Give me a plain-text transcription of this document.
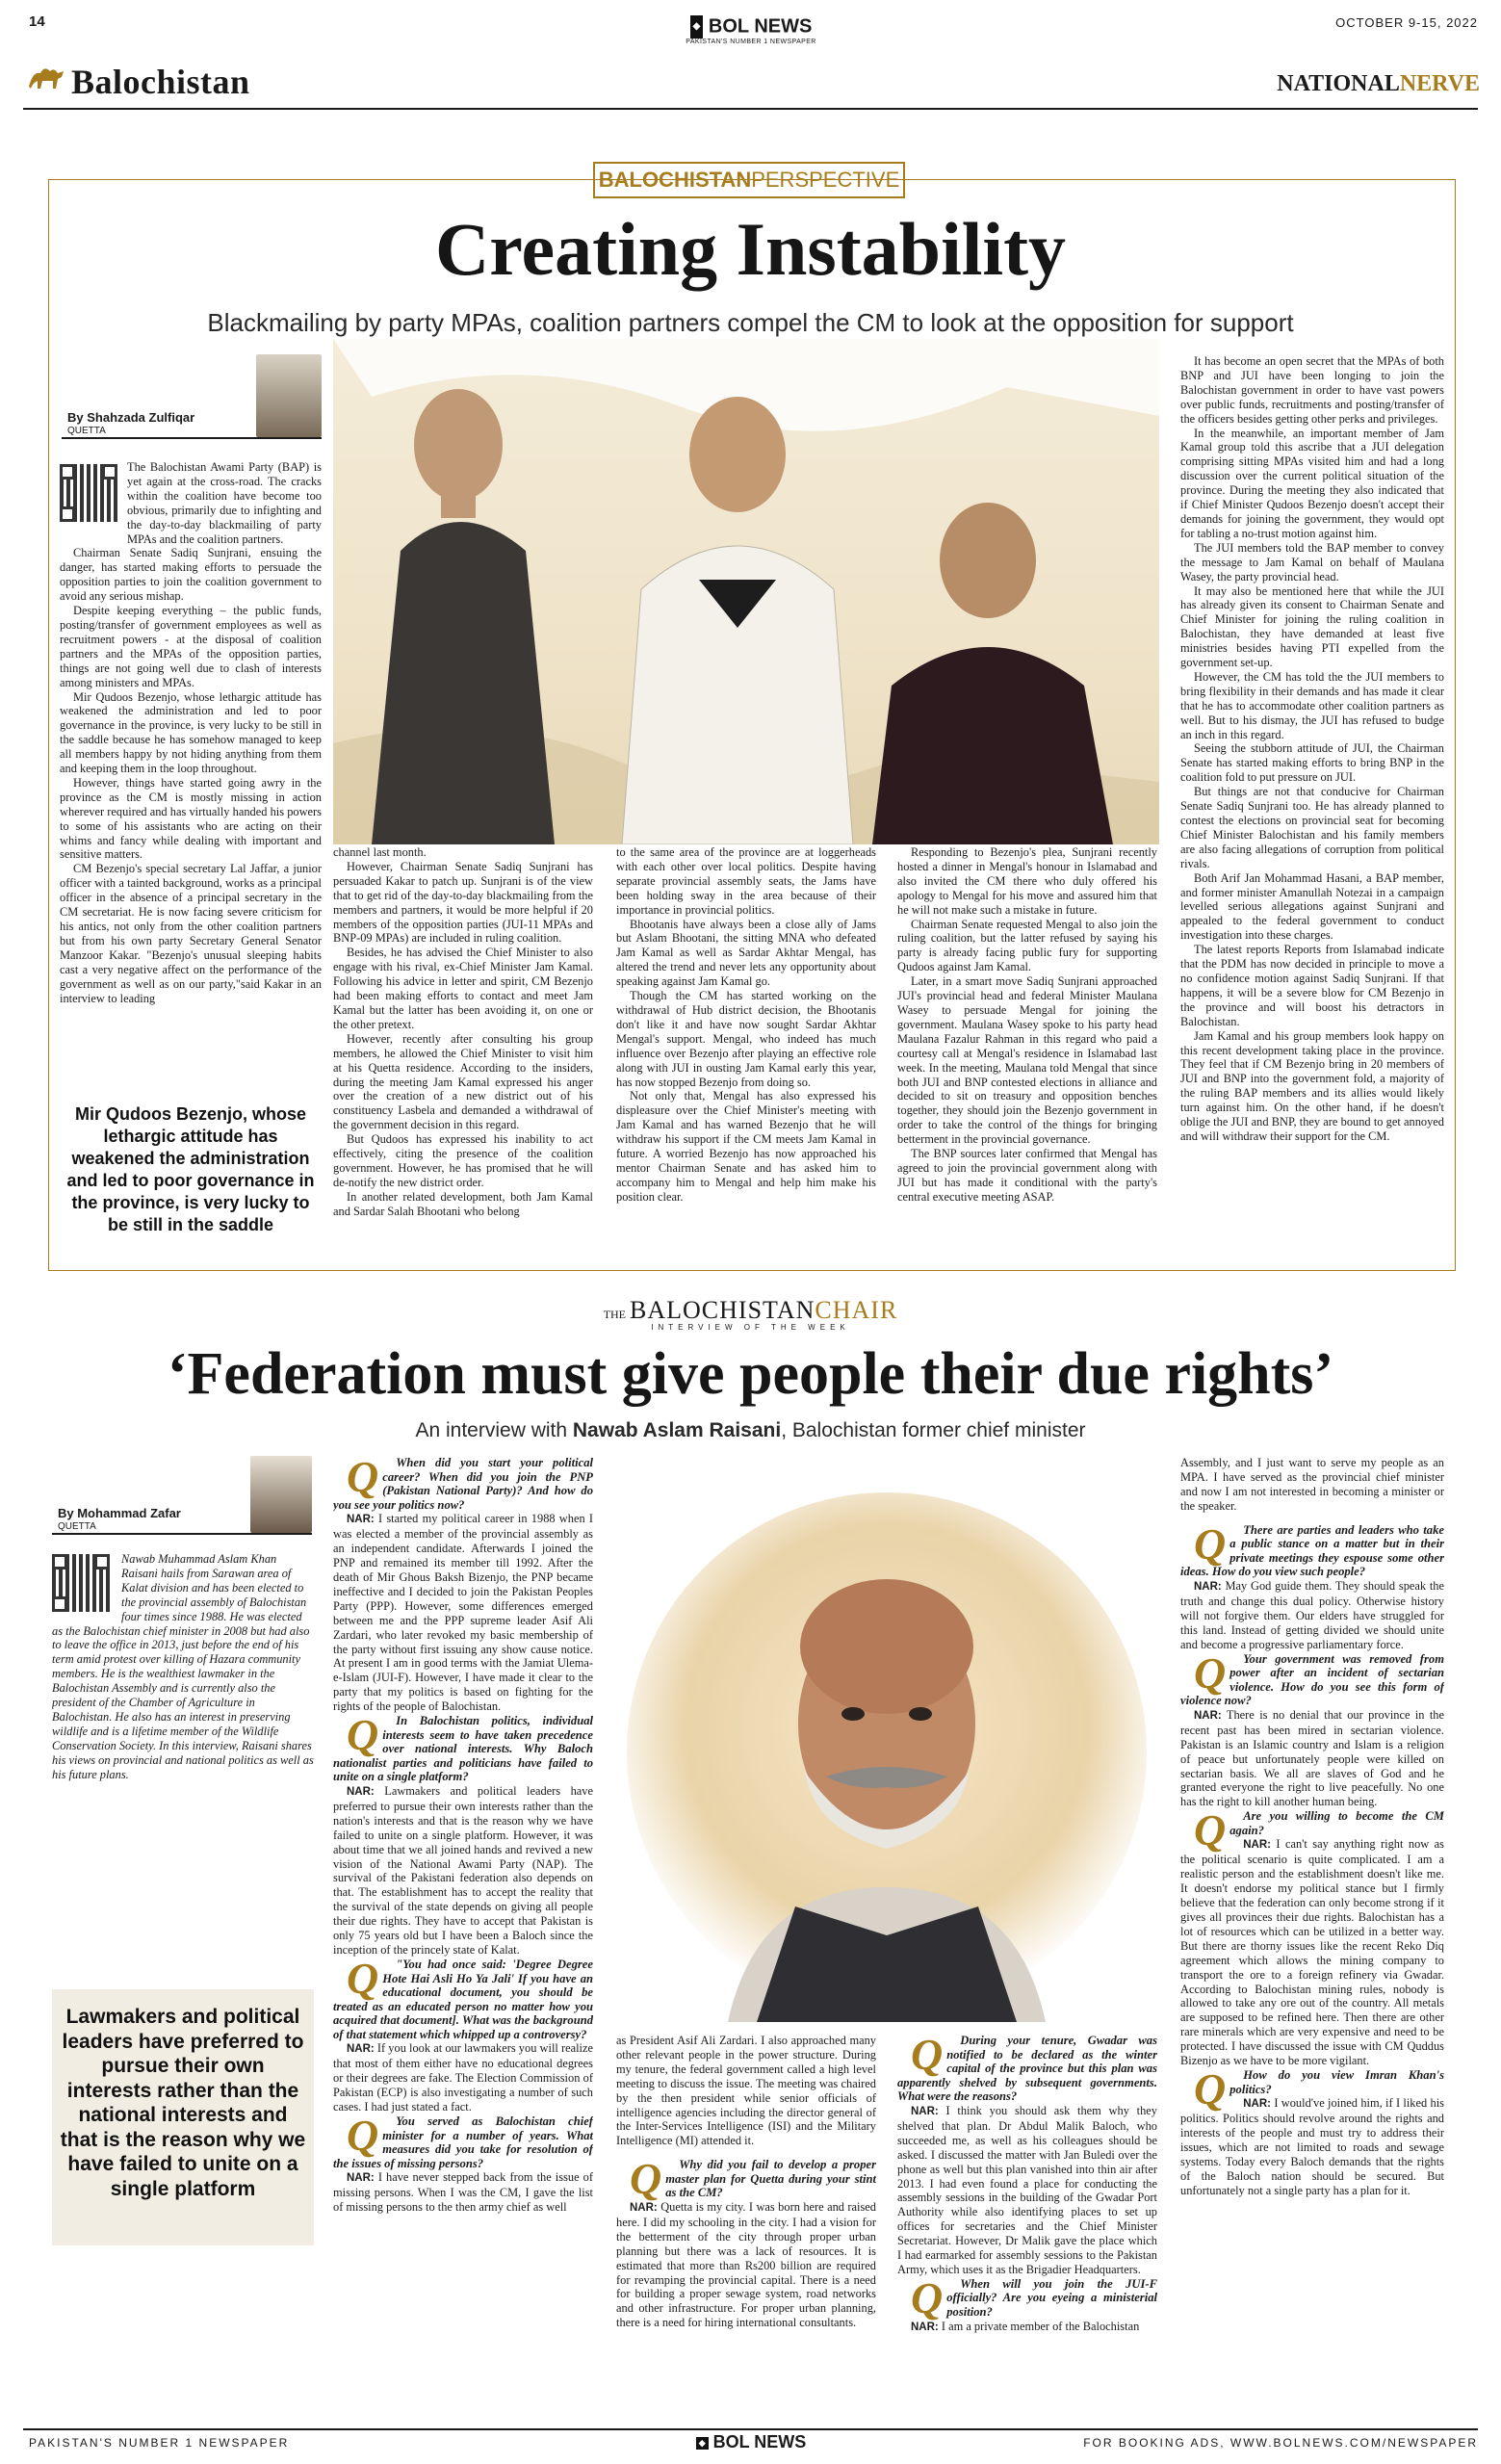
14
Balochistan
◆ BOL NEWS
PAKISTAN'S NUMBER 1 NEWSPAPER
OCTOBER 9-15, 2022
NATIONALNERVE
BALOCHISTANPERSPECTIVE
Creating Instability
Blackmailing by party MPAs, coalition partners compel the CM to look at the opposition for support
By Shahzada Zulfiqar
QUETTA

The Balochistan Awami Party (BAP) is yet again at the cross-road. The cracks within the coalition have become too obvious, primarily due to infighting and the day-to-day blackmailing of party MPAs and the coalition partners.

Chairman Senate Sadiq Sunjrani, ensuing the danger, has started making efforts to persuade the opposition parties to join the coalition government to avoid any serious mishap.

Despite keeping everything – the public funds, posting/transfer of government employees as well as recruitment powers - at the disposal of coalition partners and the MPAs of the opposition parties, things are not going well due to clash of interests among ministers and MPAs.

Mir Qudoos Bezenjo, whose lethargic attitude has weakened the administration and led to poor governance in the province, is very lucky to be still in the saddle because he has somehow managed to keep all members happy by not hiding anything from them and keeping them in the loop throughout.

However, things have started going awry in the province as the CM is mostly missing in action wherever required and has virtually handed his powers to some of his assistants who are acting on their whims and fancy while dealing with important and sensitive matters.

CM Bezenjo's special secretary Lal Jaffar, a junior officer with a tainted background, works as a principal officer in the absence of a principal secretary in the CM secretariat. He is now facing severe criticism for his antics, not only from the other coalition partners but from his own party Secretary General Senator Manzoor Kakar. "Bezenjo's unusual sleeping habits cast a very negative affect on the performance of the government as well as on our party,"said Kakar in an interview to leading

Mir Qudoos Bezenjo, whose lethargic attitude has weakened the administration and led to poor governance in the province, is very lucky to be still in the saddle

channel last month.

However, Chairman Senate Sadiq Sunjrani has persuaded Kakar to patch up. Sunjrani is of the view that to get rid of the day-to-day blackmailing from the members and partners, it would be more helpful if 20 members of the opposition parties (JUI-11 MPAs and BNP-09 MPAs) are included in ruling coalition.

Besides, he has advised the Chief Minister to also engage with his rival, ex-Chief Minister Jam Kamal. Following his advice in letter and spirit, CM Bezenjo had been making efforts to contact and meet Jam Kamal but the latter has been avoiding it, on one or the other pretext.

However, recently after consulting his group members, he allowed the Chief Minister to visit him at his Quetta residence. According to the insiders, during the meeting Jam Kamal expressed his anger over the creation of a new district out of his constituency Lasbela and demanded a withdrawal of the government decision in this regard.

But Qudoos has expressed his inability to act effectively, citing the presence of the coalition government. However, he has promised that he will de-notify the new district order.

In another related development, both Jam Kamal and Sardar Salah Bhootani who belong

to the same area of the province are at loggerheads with each other over local politics. Despite having separate provincial assembly seats, the Jams have been holding sway in the area because of their importance in provincial politics.

Bhootanis have always been a close ally of Jams but Aslam Bhootani, the sitting MNA who defeated Jam Kamal as well as Sardar Akhtar Mengal, has altered the trend and never lets any opportunity about speaking against Jam Kamal go.

Though the CM has started working on the withdrawal of Hub district decision, the Bhootanis don't like it and have now sought Sardar Akhtar Mengal's support. Mengal, who indeed has much influence over Bezenjo after playing an effective role along with JUI in ousting Jam Kamal early this year, has now stopped Bezenjo from doing so.

Not only that, Mengal has also expressed his displeasure over the Chief Minister's meeting with Jam Kamal and has warned Bezenjo that he will withdraw his support if the CM meets Jam Kamal in future. A worried Bezenjo has now approached his mentor Chairman Senate and has asked him to accompany him to Mengal and help him make his position clear.

Responding to Bezenjo's plea, Sunjrani recently hosted a dinner in Mengal's honour in Islamabad and also invited the CM there who duly offered his apology to Mengal for his move and assured him that he will not make such a mistake in future.

Chairman Senate requested Mengal to also join the ruling coalition, but the latter refused by saying his party is already facing public fury for supporting Qudoos against Jam Kamal.

Later, in a smart move Sadiq Sunjrani approached JUI's provincial head and federal Minister Maulana Wasey to persuade Mengal for joining the government. Maulana Wasey spoke to his party head Maulana Fazalur Rahman in this regard who paid a courtesy call at Mengal's residence in Islamabad last week. In the meeting, Maulana told Mengal that since both JUI and BNP contested elections in alliance and decided to sit on treasury and opposition benches together, they should join the Bezenjo government in order to take the control of the things for bringing betterment in the provincial governance.

The BNP sources later confirmed that Mengal has agreed to join the provincial government along with JUI but has made it conditional with the party's central executive meeting ASAP.

It has become an open secret that the MPAs of both BNP and JUI have been longing to join the Balochistan government in order to have vast powers over public funds, recruitments and posting/transfer of the officers besides getting other perks and privileges.

In the meanwhile, an important member of Jam Kamal group told this ascribe that a JUI delegation comprising sitting MPAs visited him and had a long discussion over the current political situation of the province. During the meeting they also indicated that if Chief Minister Qudoos Bezenjo doesn't accept their demands for joining the government, they would opt for tabling a no-trust motion against him.

The JUI members told the BAP member to convey the message to Jam Kamal on behalf of Maulana Wasey, the party provincial head.

It may also be mentioned here that while the JUI has already given its consent to Chairman Senate and Chief Minister for joining the ruling coalition in Balochistan, they have demanded at least five ministries besides having PTI expelled from the government set-up.

However, the CM has told the the JUI members to bring flexibility in their demands and has made it clear that he has to accommodate other coalition partners as well. But to his dismay, the JUI has refused to budge an inch in this regard.

Seeing the stubborn attitude of JUI, the Chairman Senate has started making efforts to bring BNP in the coalition fold to put pressure on JUI.

But things are not that conducive for Chairman Senate Sadiq Sunjrani too. He has already planned to contest the elections on provincial seat for becoming Chief Minister Balochistan and his family members are also facing allegations of corruption from political rivals.

Both Arif Jan Mohammad Hasani, a BAP member, and former minister Amanullah Notezai in a campaign levelled serious allegations against Sunjrani and appealed to the federal government to conduct investigation into these charges.

The latest reports Reports from Islamabad indicate that the PDM has now decided in principle to move a no confidence motion against Sadiq Sunjrani. If that happens, it will be a severe blow for CM Bezenjo in the province and will boost his detractors in Balochistan.

Jam Kamal and his group members look happy on this recent development taking place in the province. They feel that if CM Bezenjo bring in 20 members of JUI and BNP into the government fold, a majority of the ruling BAP members and its allies would likely turn against him. On the other hand, if he doesn't oblige the JUI and BNP, they are bound to get annoyed and will withdraw their support for the CM.

THE BALOCHISTANCHAIR
INTERVIEW OF THE WEEK
‘Federation must give people their due rights’
An interview with Nawab Aslam Raisani, Balochistan former chief minister
By Mohammad Zafar
QUETTA

Nawab Muhammad Aslam Khan Raisani hails from Sarawan area of Kalat division and has been elected to the provincial assembly of Balochistan four times since 1988. He was elected as the Balochistan chief minister in 2008 but had also to leave the office in 2013, just before the end of his term amid protest over killing of Hazara community members. He is the wealthiest lawmaker in the Balochistan Assembly and is currently also the president of the Chamber of Agriculture in Balochistan. He also has an interest in preserving wildlife and is a lifetime member of the Wildlife Conservation Society. In this interview, Raisani shares his views on provincial and national politics as well as his future plans.

Lawmakers and political leaders have preferred to pursue their own interests rather than the national interests and that is the reason why we have failed to unite on a single platform

Q When did you start your political career? When did you join the PNP (Pakistan National Party)? And how do you see your politics now?

NAR: I started my political career in 1988 when I was elected a member of the provincial assembly as an independent candidate. Afterwards I joined the PNP and remained its member till 1992. After the death of Mir Ghous Baksh Bizenjo, the PNP became ineffective and I decided to join the Pakistan Peoples Party (PPP). However, some differences emerged between me and the PPP supreme leader Asif Ali Zardari, who later revoked my basic membership of the party without first issuing any show cause notice. At present I am in good terms with the Jamiat Ulema-e-Islam (JUI-F). However, I have made it clear to the party that my politics is based on fighting for the rights of the people of Balochistan.

Q In Balochistan politics, individual interests seem to have taken precedence over national interests. Why Baloch nationalist parties and politicians have failed to unite on a single platform?

NAR: Lawmakers and political leaders have preferred to pursue their own interests rather than the nation's interests and that is the reason why we have failed to unite on a single platform. However, it was about time that we all joined hands and revived a new vision of the National Awami Party (NAP). The survival of the Pakistani federation also depends on that. The establishment has to accept the reality that the survival of the state depends on giving all people their due rights. They have to accept that Pakistan is only 75 years old but I have been a Baloch since the inception of the princely state of Kalat.

Q "You had once said: 'Degree Degree Hote Hai Asli Ho Ya Jali' If you have an educational document, you should be treated as an educated person no matter how you acquired that document]. What was the background of that statement which whipped up a controversy?

NAR: If you look at our lawmakers you will realize that most of them either have no educational degrees or their degrees are fake. The Election Commission of Pakistan (ECP) is also investigating a number of such cases. I had just stated a fact.

Q You served as Balochistan chief minister for a number of years. What measures did you take for resolution of the issues of missing persons?

NAR: I have never stepped back from the issue of missing persons. When I was the CM, I gave the list of missing persons to the then army chief as well

as President Asif Ali Zardari. I also approached many other relevant people in the power structure. During my tenure, the federal government called a high level meeting to discuss the issue. The meeting was chaired by the then president while senior officials of intelligence agencies including the director general of the Inter-Services Intelligence (ISI) and the Military Intelligence (MI) attended it.

Q Why did you fail to develop a proper master plan for Quetta during your stint as the CM?

NAR: Quetta is my city. I was born here and raised here. I did my schooling in the city. I had a vision for the betterment of the city through proper urban planning but there was a lack of resources. It is estimated that more than Rs200 billion are required for revamping the provincial capital. There is a need for building a proper sewage system, road networks and other infrastructure. For proper urban planning, there is a need for hiring international consultants.

Q During your tenure, Gwadar was notified to be declared as the winter capital of the province but this plan was apparently shelved by subsequent governments. What were the reasons?

NAR: I think you should ask them why they shelved that plan. Dr Abdul Malik Baloch, who succeeded me, as well as his colleagues should be asked. I discussed the matter with Jan Buledi over the phone as well but this plan vanished into thin air after 2013. I had even found a place for conducting the assembly sessions in the building of the Gwadar Port Authority while also identifying places to set up offices for secretaries and the Chief Minister Secretariat. However, Dr Malik gave the place which I had earmarked for assembly sessions to the Pakistan Army, which uses it as the Brigadier Headquarters.

Q When will you join the JUI-F officially? Are you eyeing a ministerial position?

NAR: I am a private member of the Balochistan

Assembly, and I just want to serve my people as an MPA. I have served as the provincial chief minister and now I am not interested in becoming a minister or the speaker.

Q There are parties and leaders who take a public stance on a matter but in their private meetings they espouse some other ideas. How do you view such people?

NAR: May God guide them. They should speak the truth and change this dual policy. Otherwise history will not forgive them. Our elders have struggled for this land. Instead of getting divided we should unite and become a progressive parliamentary force.

Q Your government was removed from power after an incident of sectarian violence. How do you see this form of violence now?

NAR: There is no denial that our province in the recent past has been mired in sectarian violence. Pakistan is an Islamic country and Islam is a religion of peace but unfortunately people were killed on sectarian basis. We all are slaves of God and he granted everyone the right to live peacefully. No one has the right to kill another human being.

Q Are you willing to become the CM again?

NAR: I can't say anything right now as the political scenario is quite complicated. I am a realistic person and the establishment doesn't like me. It doesn't endorse my political stance but I firmly believe that the federation can only become strong if it gives all provinces their due rights. Balochistan has a lot of resources which can be utilized in a better way. But there are thorny issues like the recent Reko Diq agreement which allows the mining company to transport the ore to a foreign refinery via Gwadar. According to Balochistan mining rules, nobody is allowed to take any ore out of the country. All metals are supposed to be refined here. Then there are other rare minerals which are very expensive and need to be protected. I have discussed the issue with CM Quddus Bizenjo as we have to be more vigilant.

Q How do you view Imran Khan's politics?

NAR: I would've joined him, if I liked his politics. Politics should revolve around the rights and interests of the people and must try to address their issues, which are not limited to roads and sewage systems. Today every Baloch demands that the rights of the Baloch nation should be secured. But unfortunately not a single party has a plan for it.

PAKISTAN'S NUMBER 1 NEWSPAPER	◆ BOL NEWS	FOR BOOKING ADS, WWW.BOLNEWS.COM/NEWSPAPER
